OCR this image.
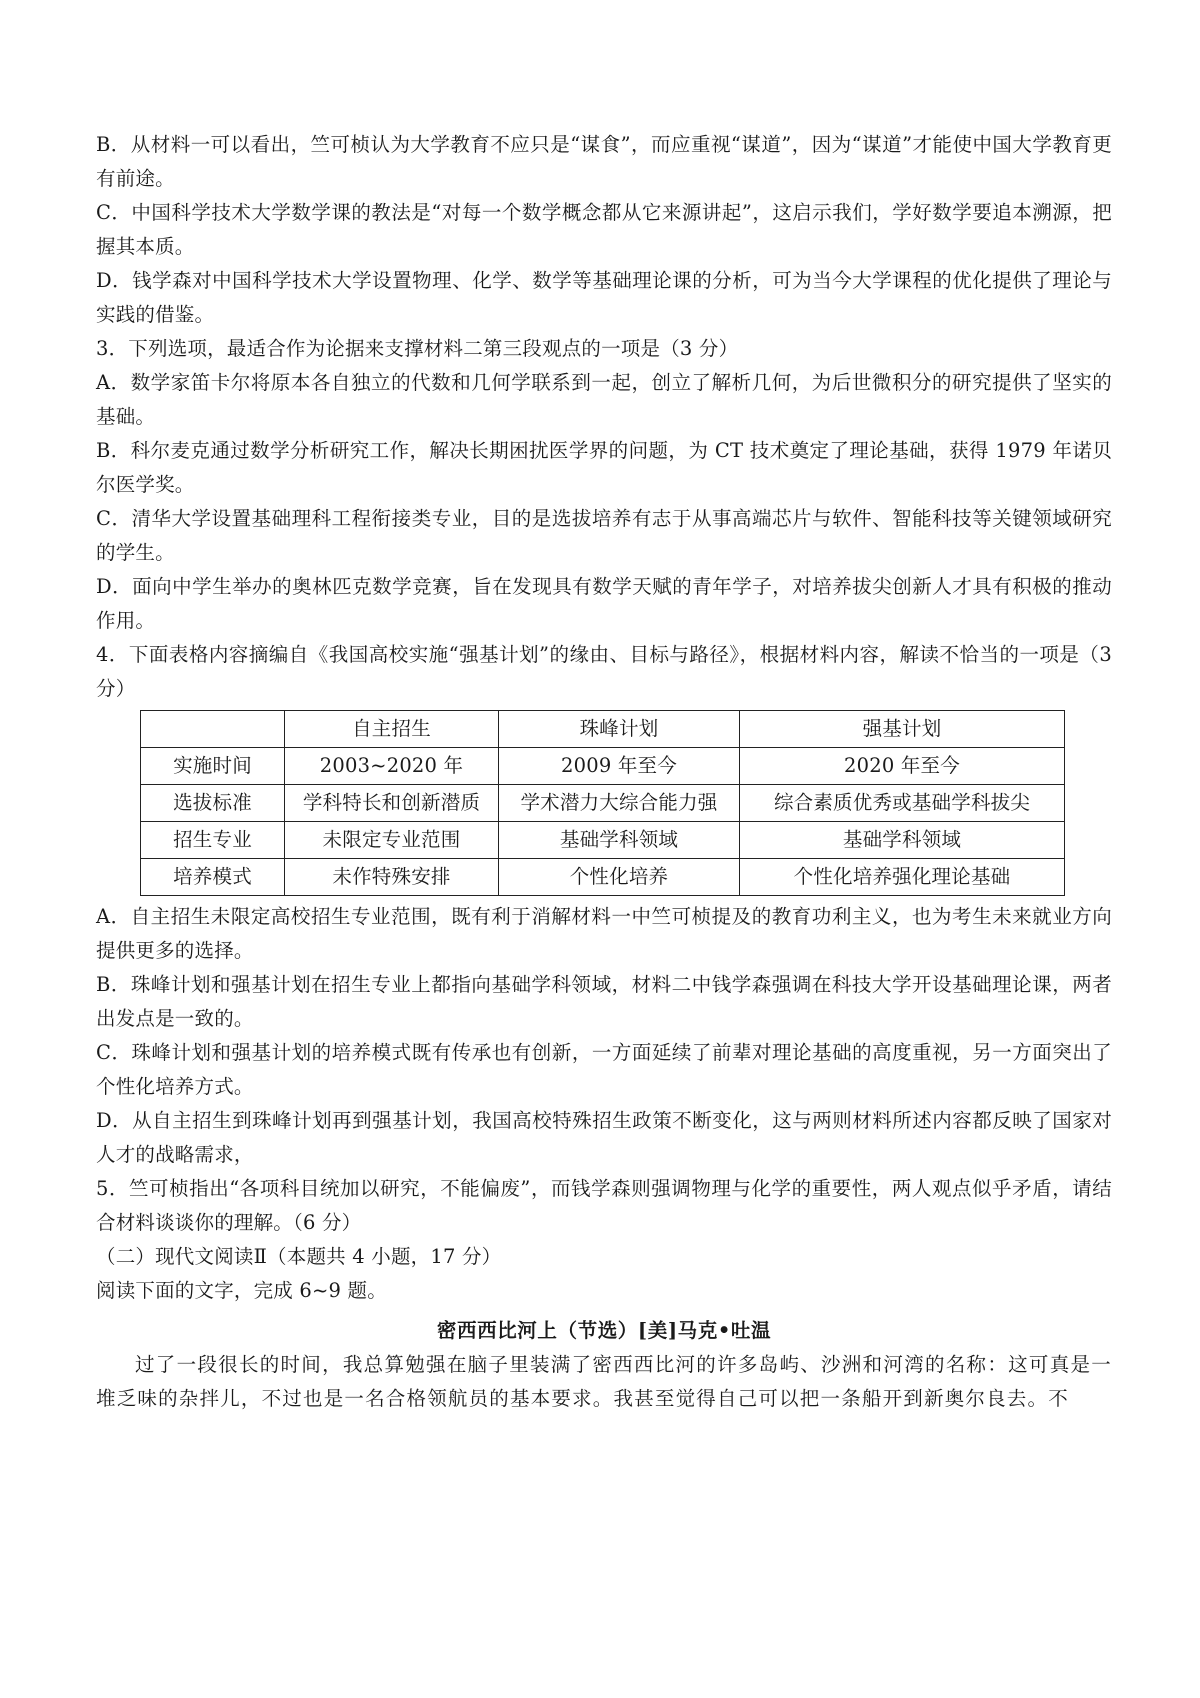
B．从材料一可以看出，竺可桢认为大学教育不应只是“谋食”，而应重视“谋道”，因为“谋道”才能使中国大学教育更有前途。

C．中国科学技术大学数学课的教法是“对每一个数学概念都从它来源讲起”，这启示我们，学好数学要追本溯源，把握其本质。

D．钱学森对中国科学技术大学设置物理、化学、数学等基础理论课的分析，可为当今大学课程的优化提供了理论与实践的借鉴。

3．下列选项，最适合作为论据来支撑材料二第三段观点的一项是（3 分）

A．数学家笛卡尔将原本各自独立的代数和几何学联系到一起，创立了解析几何，为后世微积分的研究提供了坚实的基础。

B．科尔麦克通过数学分析研究工作，解决长期困扰医学界的问题，为 CT 技术奠定了理论基础，获得 1979 年诺贝尔医学奖。

C．清华大学设置基础理科工程衔接类专业，目的是选拔培养有志于从事高端芯片与软件、智能科技等关键领域研究的学生。

D．面向中学生举办的奥林匹克数学竞赛，旨在发现具有数学天赋的青年学子，对培养拔尖创新人才具有积极的推动作用。

4．下面表格内容摘编自《我国高校实施“强基计划”的缘由、目标与路径》，根据材料内容，解读不恰当的一项是（3 分）

	自主招生	珠峰计划	强基计划
实施时间	2003~2020 年	2009 年至今	2020 年至今
选拔标准	学科特长和创新潜质	学术潜力大综合能力强	综合素质优秀或基础学科拔尖
招生专业	未限定专业范围	基础学科领域	基础学科领域
培养模式	未作特殊安排	个性化培养	个性化培养强化理论基础

A．自主招生未限定高校招生专业范围，既有利于消解材料一中竺可桢提及的教育功利主义，也为考生未来就业方向提供更多的选择。

B．珠峰计划和强基计划在招生专业上都指向基础学科领域，材料二中钱学森强调在科技大学开设基础理论课，两者出发点是一致的。

C．珠峰计划和强基计划的培养模式既有传承也有创新，一方面延续了前辈对理论基础的高度重视，另一方面突出了个性化培养方式。

D．从自主招生到珠峰计划再到强基计划，我国高校特殊招生政策不断变化，这与两则材料所述内容都反映了国家对人才的战略需求，

5．竺可桢指出“各项科目统加以研究，不能偏废”，而钱学森则强调物理与化学的重要性，两人观点似乎矛盾，请结合材料谈谈你的理解。（6 分）

（二）现代文阅读Ⅱ（本题共 4 小题，17 分）

阅读下面的文字，完成 6~9 题。

密西西比河上（节选）[美]马克•吐温

过了一段很长的时间，我总算勉强在脑子里装满了密西西比河的许多岛屿、沙洲和河湾的名称：这可真是一堆乏味的杂拌儿，不过也是一名合格领航员的基本要求。我甚至觉得自己可以把一条船开到新奥尔良去。不
